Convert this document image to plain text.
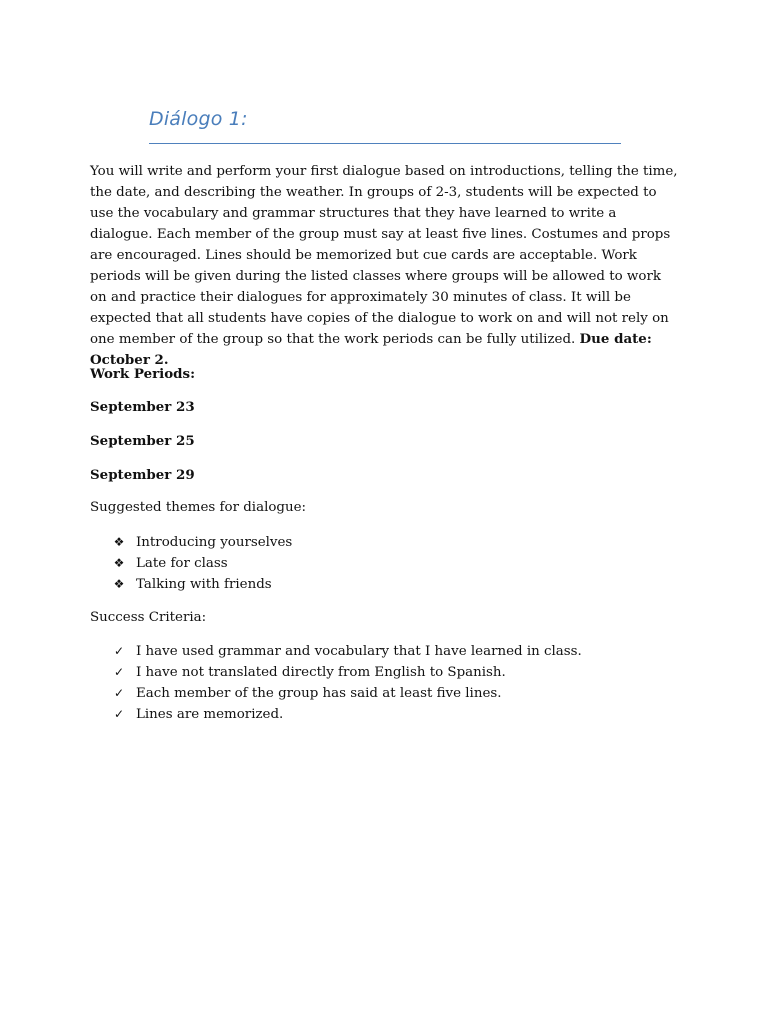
Diálogo 1:

You will write and perform your first dialogue based on introductions, telling the time, the date, and describing the weather. In groups of 2-3, students will be expected to use the vocabulary and grammar structures that they have learned to write a dialogue. Each member of the group must say at least five lines. Costumes and props are encouraged. Lines should be memorized but cue cards are acceptable. Work periods will be given during the listed classes where groups will be allowed to work on and practice their dialogues for approximately 30 minutes of class. It will be expected that all students have copies of the dialogue to work on and will not rely on one member of the group so that the work periods can be fully utilized. Due date: October 2.

Work Periods:

September 23

September 25

September 29

Suggested themes for dialogue:

❖ Introducing yourselves
❖ Late for class
❖ Talking with friends

Success Criteria:

✓ I have used grammar and vocabulary that I have learned in class.
✓ I have not translated directly from English to Spanish.
✓ Each member of the group has said at least five lines.
✓ Lines are memorized.
